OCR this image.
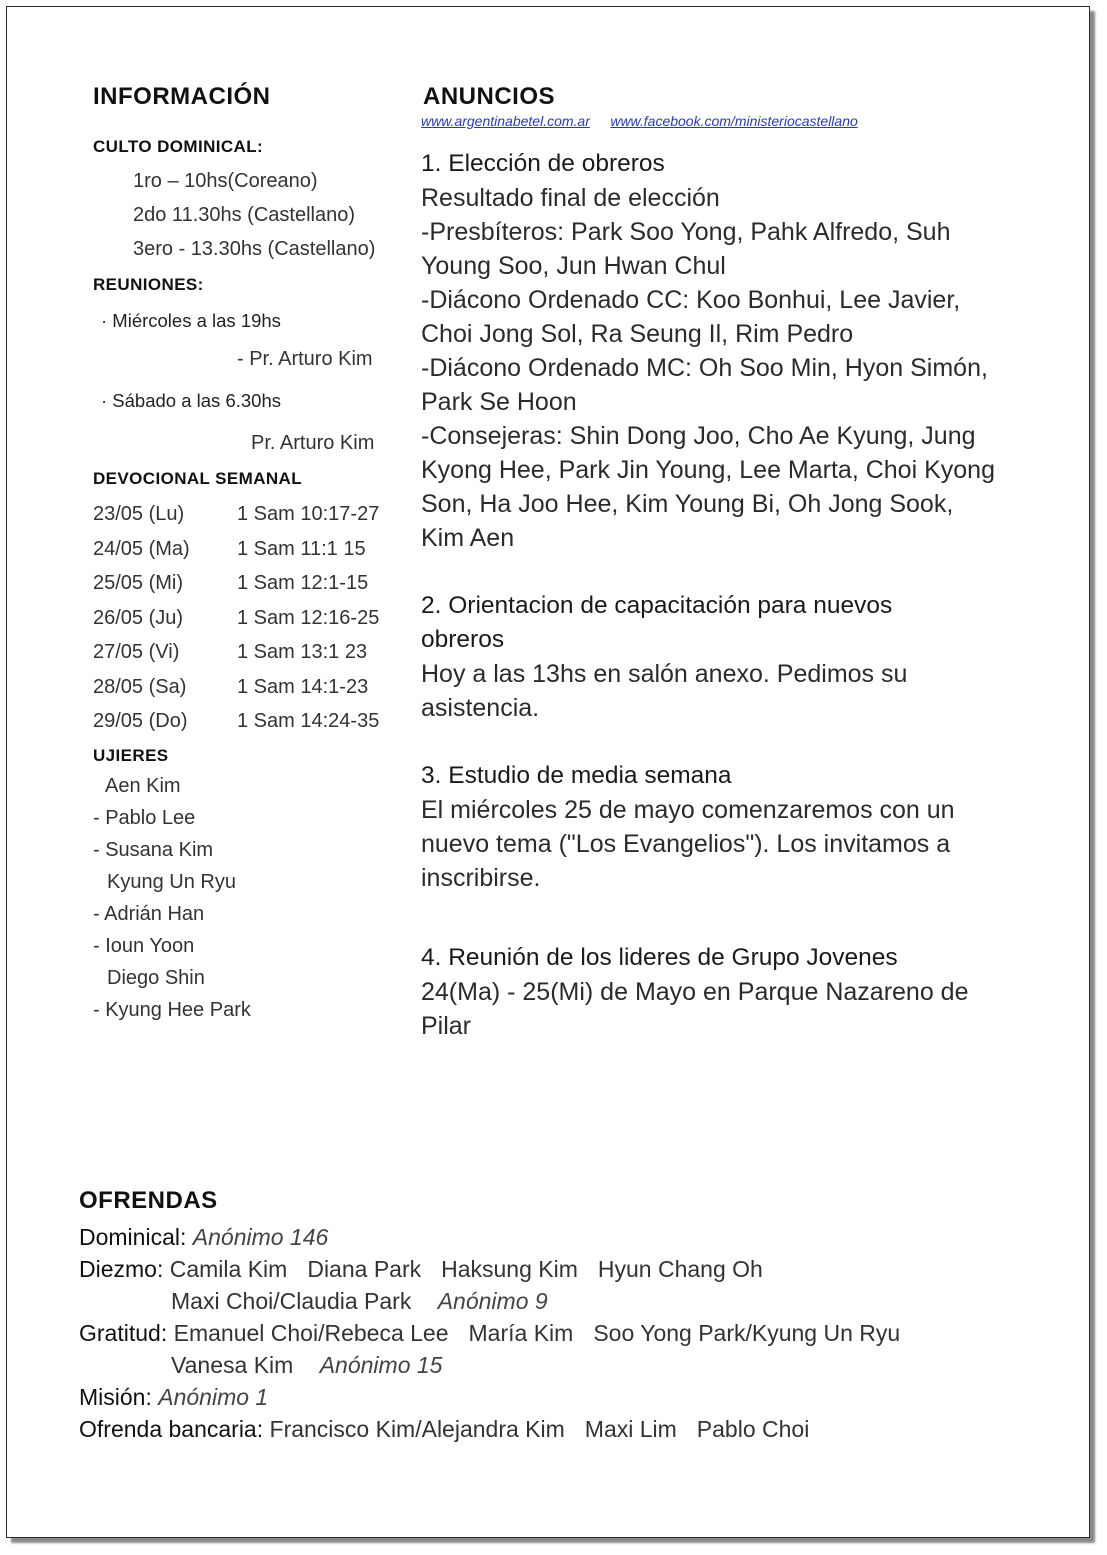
INFORMACIÓN
CULTO DOMINICAL:
1ro – 10hs(Coreano)
2do 11.30hs (Castellano)
3ero - 13.30hs (Castellano)
REUNIONES:
· Miércoles a las 19hs
- Pr. Arturo Kim
· Sábado a las 6.30hs
Pr. Arturo Kim
DEVOCIONAL SEMANAL
23/05 (Lu)	1 Sam 10:17-27
24/05 (Ma) 1 Sam 11:1 15
25/05 (Mi)	1 Sam 12:1-15
26/05 (Ju)	1 Sam 12:16-25
27/05 (Vi)	1 Sam 13:1 23
28/05 (Sa)	1 Sam 14:1-23
29/05 (Do) 1 Sam 14:24-35
UJIERES
Aen Kim
- Pablo Lee
- Susana Kim
Kyung Un Ryu
- Adrián Han
- Ioun Yoon
Diego Shin
- Kyung Hee Park
ANUNCIOS
www.argentinabetel.com.ar www.facebook.com/ministeriocastellano
1. Elección de obreros
Resultado final de elección
-Presbíteros: Park Soo Yong, Pahk Alfredo, Suh
Young Soo, Jun Hwan Chul
-Diácono Ordenado CC: Koo Bonhui, Lee Javier,
Choi Jong Sol, Ra Seung Il, Rim Pedro
-Diácono Ordenado MC: Oh Soo Min, Hyon Simón,
Park Se Hoon
-Consejeras: Shin Dong Joo, Cho Ae Kyung, Jung
Kyong Hee, Park Jin Young, Lee Marta, Choi Kyong
Son, Ha Joo Hee, Kim Young Bi, Oh Jong Sook,
Kim Aen
2. Orientacion de capacitación para nuevos
obreros
Hoy a las 13hs en salón anexo. Pedimos su
asistencia.
3. Estudio de media semana
El miércoles 25 de mayo comenzaremos con un
nuevo tema ("Los Evangelios"). Los invitamos a
inscribirse.
4. Reunión de los lideres de Grupo Jovenes
24(Ma) - 25(Mi) de Mayo en Parque Nazareno de
Pilar
OFRENDAS
Dominical: Anónimo 146
Diezmo: Camila Kim Diana Park Haksung Kim Hyun Chang Oh
Maxi Choi/Claudia Park Anónimo 9
Gratitud: Emanuel Choi/Rebeca Lee María Kim Soo Yong Park/Kyung Un Ryu
Vanesa Kim Anónimo 15
Misión: Anónimo 1
Ofrenda bancaria: Francisco Kim/Alejandra Kim Maxi Lim Pablo Choi
